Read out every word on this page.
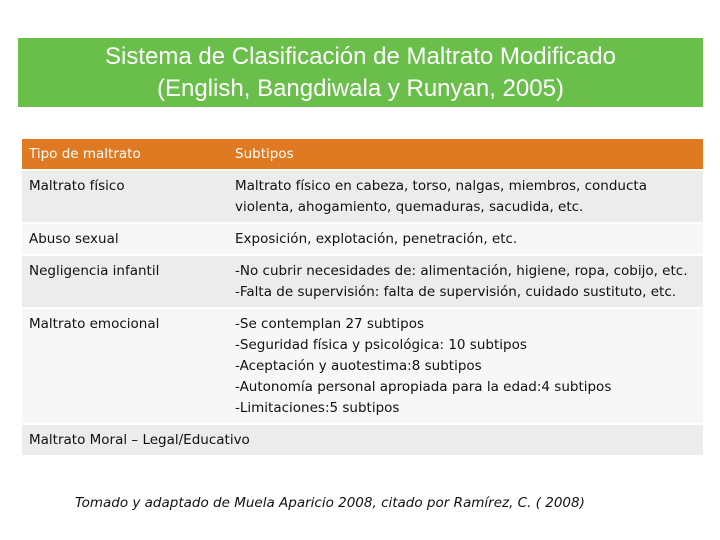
Sistema de Clasificación de Maltrato Modificado
(English, Bangdiwala y Runyan, 2005)
Tipo de maltrato	Subtipos
Maltrato físico	Maltrato físico en cabeza, torso, nalgas, miembros, conducta violenta, ahogamiento, quemaduras, sacudida, etc.

Abuso sexual	Exposición, explotación, penetración, etc.

Negligencia infantil	-No cubrir necesidades de: alimentación, higiene, ropa, cobijo, etc.
-Falta de supervisión: falta de supervisión, cuidado sustituto, etc.

Maltrato emocional	-Se contemplan 27 subtipos
-Seguridad física y psicológica: 10 subtipos
-Aceptación y auotestima:8 subtipos
-Autonomía personal apropiada para la edad:4 subtipos
-Limitaciones:5 subtipos

Maltrato Moral – Legal/Educativo	
Tomado y adaptado de Muela Aparicio 2008, citado por Ramírez, C. ( 2008)
